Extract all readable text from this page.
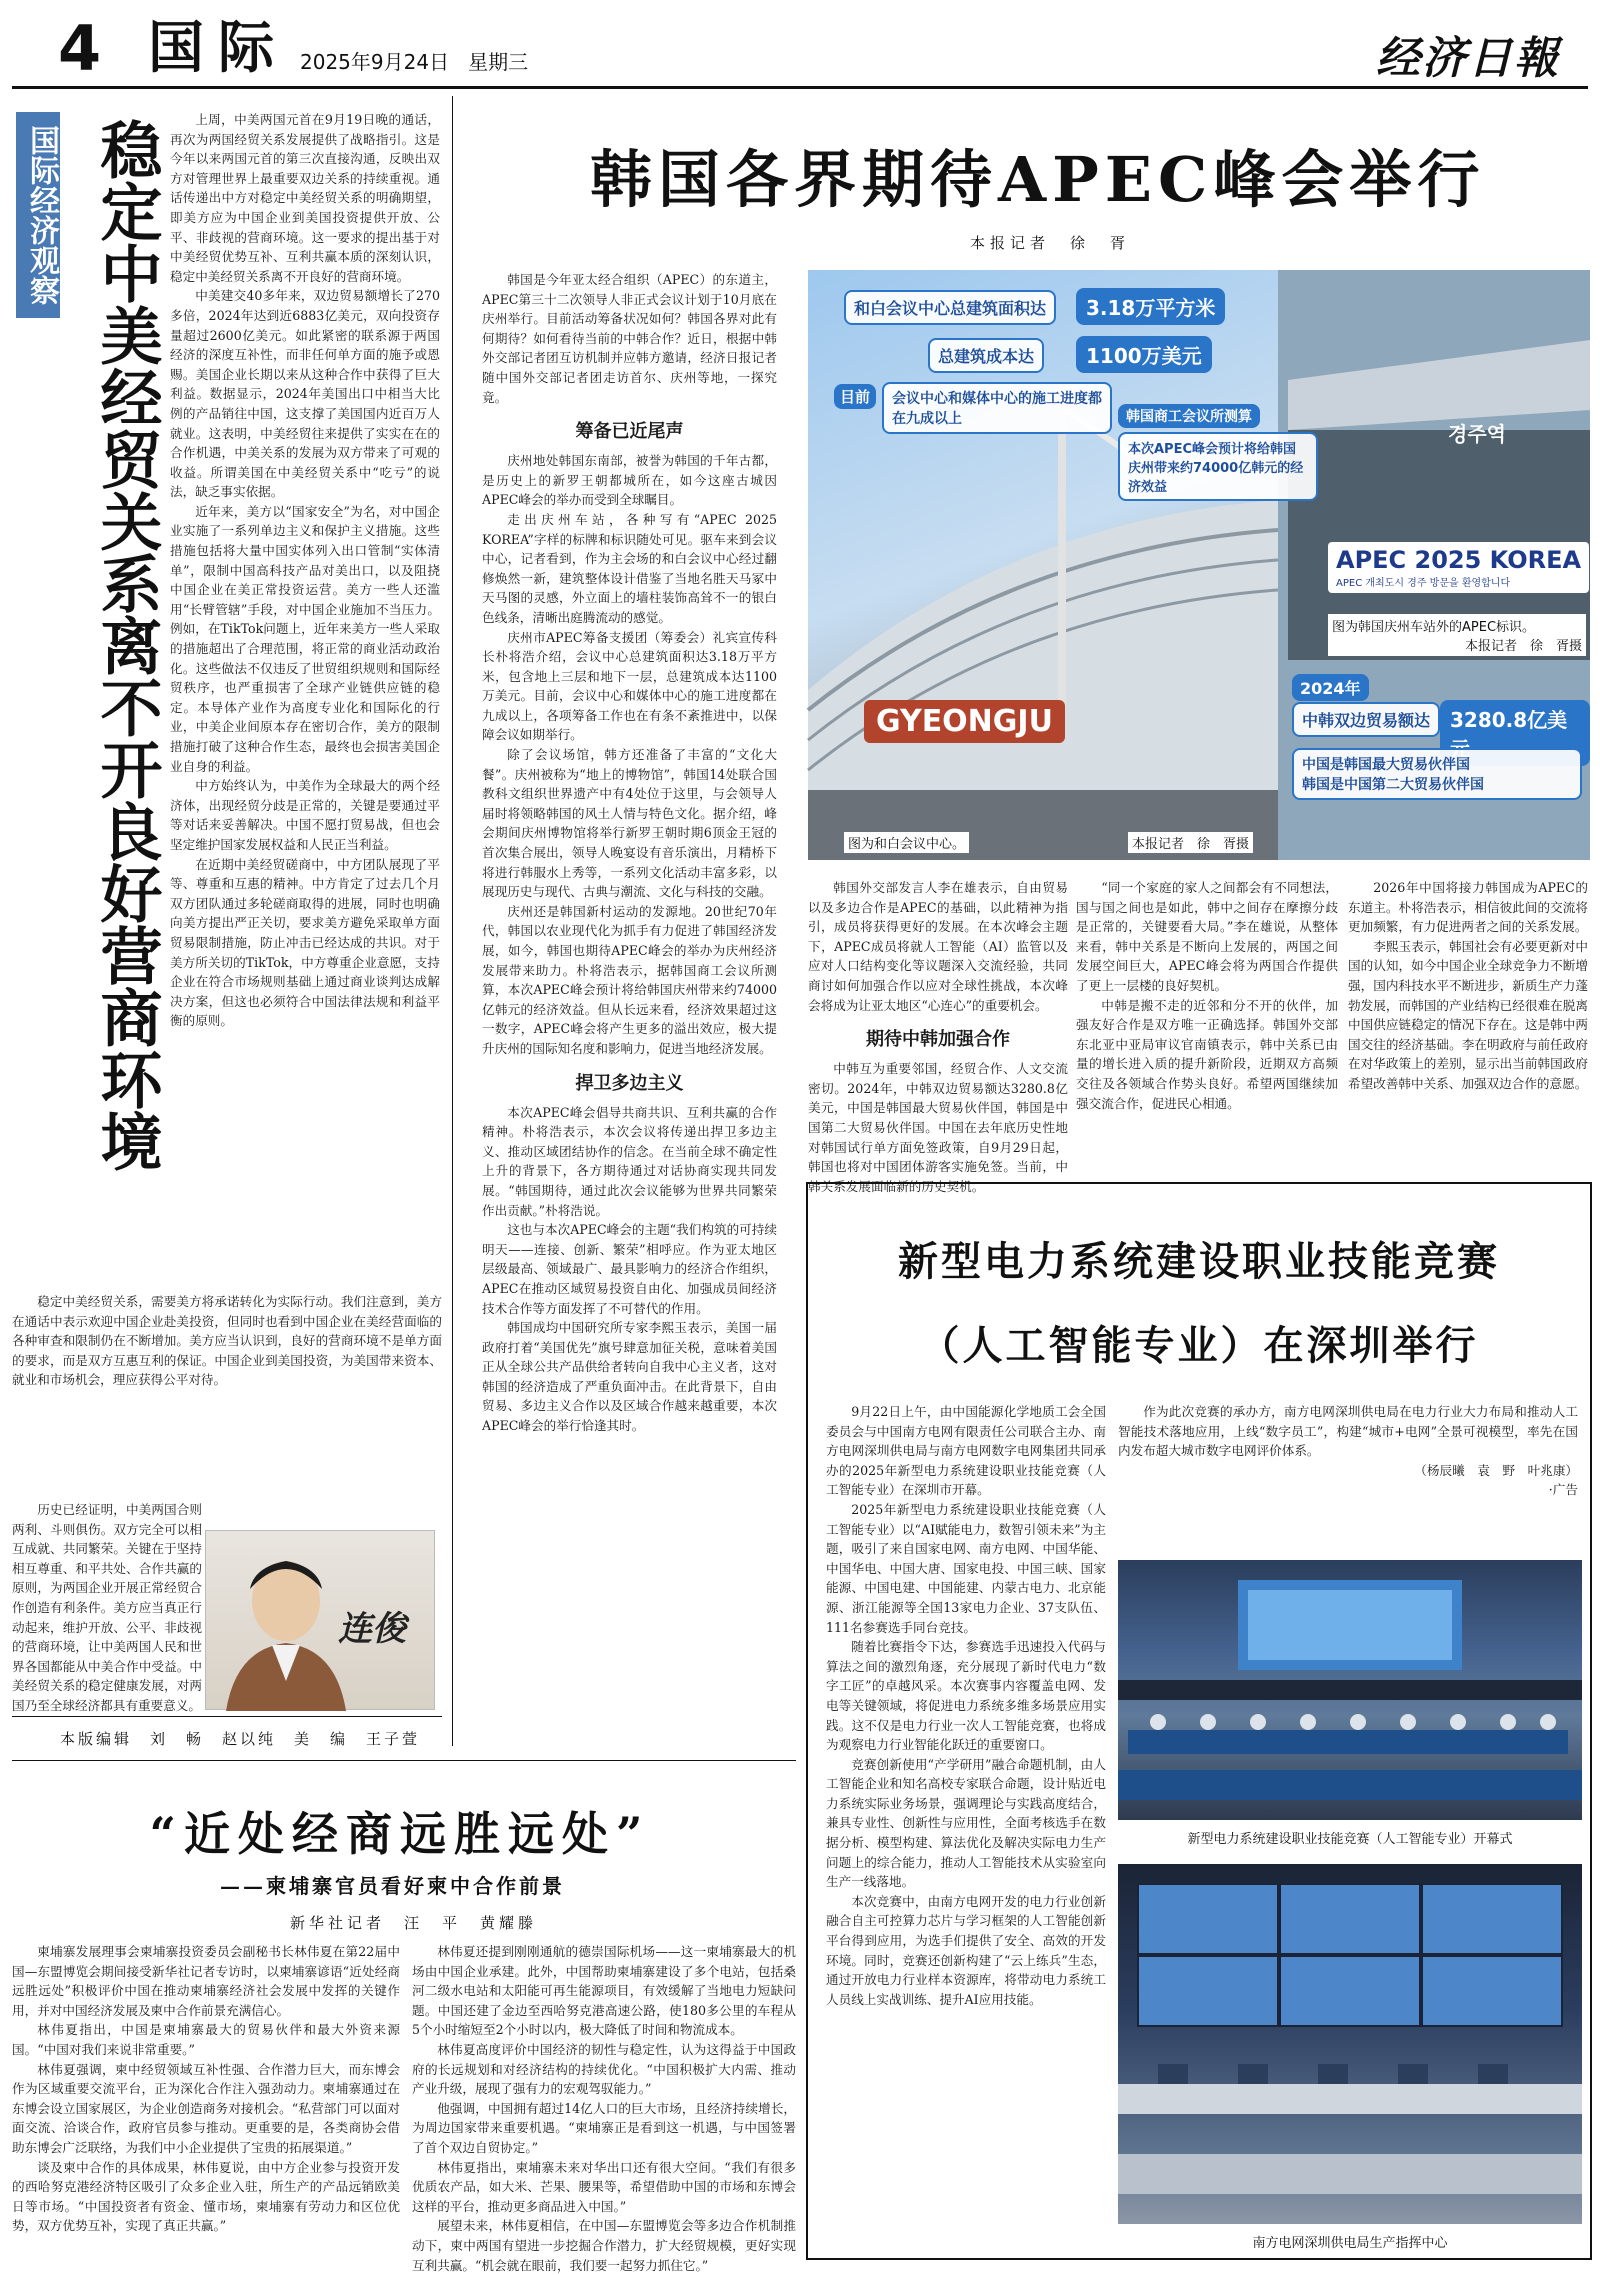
4 国际 2025年9月24日 星期三	经济日報
国际经济观察 稳定中美经贸关系离不开良好营商环境	上周，中美两国元首在9月19日晚的通话，再次为两国经贸关系发展提供了战略指引。这是今年以来两国元首的第三次直接沟通，反映出双方对管理世界上最重要双边关系的持续重视。通话传递出中方对稳定中美经贸关系的明确期望，即美方应为中国企业到美国投资提供开放、公平、非歧视的营商环境。这一要求的提出基于对中美经贸优势互补、互利共赢本质的深刻认识，稳定中美经贸关系离不开良好的营商环境。

中美建交40多年来，双边贸易额增长了270多倍，2024年达到近6883亿美元，双向投资存量超过2600亿美元。如此紧密的联系源于两国经济的深度互补性，而非任何单方面的施予或恩赐。美国企业长期以来从这种合作中获得了巨大利益。数据显示，2024年美国出口中相当大比例的产品销往中国，这支撑了美国国内近百万人就业。这表明，中美经贸往来提供了实实在在的合作机遇，中美关系的发展为双方带来了可观的收益。所谓美国在中美经贸关系中“吃亏”的说法，缺乏事实依据。

近年来，美方以“国家安全”为名，对中国企业实施了一系列单边主义和保护主义措施。这些措施包括将大量中国实体列入出口管制“实体清单”，限制中国高科技产品对美出口，以及阻挠中国企业在美正常投资运营。美方一些人还滥用“长臂管辖”手段，对中国企业施加不当压力。例如，在TikTok问题上，近年来美方一些人采取的措施超出了合理范围，将正常的商业活动政治化。这些做法不仅违反了世贸组织规则和国际经贸秩序，也严重损害了全球产业链供应链的稳定。本导体产业作为高度专业化和国际化的行业，中美企业间原本存在密切合作，美方的限制措施打破了这种合作生态，最终也会损害美国企业自身的利益。

中方始终认为，中美作为全球最大的两个经济体，出现经贸分歧是正常的，关键是要通过平等对话来妥善解决。中国不愿打贸易战，但也会坚定维护国家发展权益和人民正当利益。

在近期中美经贸磋商中，中方团队展现了平等、尊重和互惠的精神。中方肯定了过去几个月双方团队通过多轮磋商取得的进展，同时也明确向美方提出严正关切，要求美方避免采取单方面贸易限制措施，防止冲击已经达成的共识。对于美方所关切的TikTok，中方尊重企业意愿，支持企业在符合市场规则基础上通过商业谈判达成解决方案，但这也必须符合中国法律法规和利益平衡的原则。

稳定中美经贸关系，需要美方将承诺转化为实际行动。我们注意到，美方在通话中表示欢迎中国企业赴美投资，但同时也看到中国企业在美经营面临的各种审查和限制仍在不断增加。美方应当认识到，良好的营商环境不是单方面的要求，而是双方互惠互利的保证。中国企业到美国投资，为美国带来资本、就业和市场机会，理应获得公平对待。

历史已经证明，中美两国合则两利、斗则俱伤。双方完全可以相互成就、共同繁荣。关键在于坚持相互尊重、和平共处、合作共赢的原则，为两国企业开展正常经贸合作创造有利条件。美方应当真正行动起来，维护开放、公平、非歧视的营商环境，让中美两国人民和世界各国都能从中美合作中受益。中美经贸关系的稳定健康发展，对两国乃至全球经济都具有重要意义。

连俊
本版编辑　刘　畅　赵以纯　美　编　王子萱
韩国各界期待APEC峰会举行
本报记者　徐　胥

韩国是今年亚太经合组织（APEC）的东道主，APEC第三十二次领导人非正式会议计划于10月底在庆州举行。目前活动筹备状况如何？韩国各界对此有何期待？如何看待当前的中韩合作？近日，根据中韩外交部记者团互访机制并应韩方邀请，经济日报记者随中国外交部记者团走访首尔、庆州等地，一探究竟。

筹备已近尾声

庆州地处韩国东南部，被誉为韩国的千年古都，是历史上的新罗王朝都城所在，如今这座古城因APEC峰会的举办而受到全球瞩目。

走出庆州车站，各种写有“APEC 2025 KOREA”字样的标牌和标识随处可见。驱车来到会议中心，记者看到，作为主会场的和白会议中心经过翻修焕然一新，建筑整体设计借鉴了当地名胜天马冢中天马图的灵感，外立面上的墙柱装饰高耸不一的银白色线条，清晰出庭腾流动的感觉。

庆州市APEC筹备支援团（筹委会）礼宾宣传科长朴将浩介绍，会议中心总建筑面积达3.18万平方米，包含地上三层和地下一层，总建筑成本达1100万美元。目前，会议中心和媒体中心的施工进度都在九成以上，各项筹备工作也在有条不紊推进中，以保障会议如期举行。

除了会议场馆，韩方还准备了丰富的“文化大餐”。庆州被称为“地上的博物馆”，韩国14处联合国教科文组织世界遗产中有4处位于这里，与会领导人届时将领略韩国的风土人情与特色文化。据介绍，峰会期间庆州博物馆将举行新罗王朝时期6顶金王冠的首次集合展出，领导人晚宴设有音乐演出，月精桥下将进行韩服水上秀等，一系列文化活动丰富多彩，以展现历史与现代、古典与潮流、文化与科技的交融。

庆州还是韩国新村运动的发源地。20世纪70年代，韩国以农业现代化为抓手有力促进了韩国经济发展，如今，韩国也期待APEC峰会的举办为庆州经济发展带来助力。朴将浩表示，据韩国商工会议所测算，本次APEC峰会预计将给韩国庆州带来约74000亿韩元的经济效益。但从长远来看，经济效果超过这一数字，APEC峰会将产生更多的溢出效应，极大提升庆州的国际知名度和影响力，促进当地经济发展。

捍卫多边主义

本次APEC峰会倡导共商共识、互利共赢的合作精神。朴将浩表示，本次会议将传递出捍卫多边主义、推动区域团结协作的信念。在当前全球不确定性上升的背景下，各方期待通过对话协商实现共同发展。“韩国期待，通过此次会议能够为世界共同繁荣作出贡献。”朴将浩说。

这也与本次APEC峰会的主题“我们构筑的可持续明天——连接、创新、繁荣”相呼应。作为亚太地区层级最高、领域最广、最具影响力的经济合作组织，APEC在推动区域贸易投资自由化、加强成员间经济技术合作等方面发挥了不可替代的作用。

韩国成均中国研究所专家李熙玉表示，美国一届政府打着“美国优先”旗号肆意加征关税，意味着美国正从全球公共产品供给者转向自我中心主义者，这对韩国的经济造成了严重负面冲击。在此背景下，自由贸易、多边主义合作以及区域合作越来越重要，本次APEC峰会的举行恰逢其时。

和白会议中心总建筑面积达	3.18万平方米
总建筑成本达	1100万美元
目前	会议中心和媒体中心的施工进度都在九成以上	韩国商工会议所测算
本次APEC峰会预计将给韩国庆州带来约74000亿韩元的经济效益
경주역
APEC 2025 KOREA
APEC 개최도시 경주 방문을 환영합니다
图为韩国庆州车站外的APEC标识。
本报记者　徐　胥摄
GYEONGJU
2024年
中韩双边贸易额达 3280.8亿美
中国是韩国最大贸易伙伴国
韩国是中国第二大贸易伙伴国
图为和白会议中心。	本报记者　徐　胥摄

韩国外交部发言人李在雄表示，自由贸易以及多边合作是APEC的基础，以此精神为指引，成员将获得更好的发展。在本次峰会主题下，APEC成员将就人工智能（AI）监管以及应对人口结构变化等议题深入交流经验，共同商讨如何加强合作以应对全球性挑战，本次峰会将成为让亚太地区“心连心”的重要机会。

期待中韩加强合作

中韩互为重要邻国，经贸合作、人文交流密切。2024年，中韩双边贸易额达3280.8亿美元，中国是韩国最大贸易伙伴国，韩国是中国第二大贸易伙伴国。中国在去年底历史性地对韩国试行单方面免签政策，自9月29日起，韩国也将对中国团体游客实施免签。当前，中韩关系发展面临新的历史契机。

“同一个家庭的家人之间都会有不同想法，国与国之间也是如此，韩中之间存在摩擦分歧是正常的，关键要看大局。”李在雄说，从整体来看，韩中关系是不断向上发展的，两国之间发展空间巨大，APEC峰会将为两国合作提供了更上一层楼的良好契机。

中韩是搬不走的近邻和分不开的伙伴，加强友好合作是双方唯一正确选择。韩国外交部东北亚中亚局审议官南镇表示，韩中关系已由量的增长进入质的提升新阶段，近期双方高频交往及各领域合作势头良好。希望两国继续加强交流合作，促进民心相通。

2026年中国将接力韩国成为APEC的东道主。朴将浩表示，相信彼此间的交流将更加频繁，有力促进两者之间的关系发展。

李熙玉表示，韩国社会有必要更新对中国的认知，如今中国企业全球竞争力不断增强，国内科技水平不断进步，新质生产力蓬勃发展，而韩国的产业结构已经很难在脱离中国供应链稳定的情况下存在。这是韩中两国交往的经济基础。李在明政府与前任政府在对华政策上的差别，显示出当前韩国政府希望改善韩中关系、加强双边合作的意愿。

新型电力系统建设职业技能竞赛
（人工智能专业）在深圳举行

9月22日上午，由中国能源化学地质工会全国委员会与中国南方电网有限责任公司联合主办、南方电网深圳供电局与南方电网数字电网集团共同承办的2025年新型电力系统建设职业技能竞赛（人工智能专业）在深圳市开幕。

2025年新型电力系统建设职业技能竞赛（人工智能专业）以“AI赋能电力，数智引领未来”为主题，吸引了来自国家电网、南方电网、中国华能、中国华电、中国大唐、国家电投、中国三峡、国家能源、中国电建、中国能建、内蒙古电力、北京能源、浙江能源等全国13家电力企业、37支队伍、111名参赛选手同台竞技。

随着比赛指令下达，参赛选手迅速投入代码与算法之间的激烈角逐，充分展现了新时代电力“数字工匠”的卓越风采。本次赛事内容覆盖电网、发电等关键领域，将促进电力系统多维多场景应用实践。这不仅是电力行业一次人工智能竞赛，也将成为观察电力行业智能化跃迁的重要窗口。

竞赛创新使用“产学研用”融合命题机制，由人工智能企业和知名高校专家联合命题，设计贴近电力系统实际业务场景，强调理论与实践高度结合，兼具专业性、创新性与应用性，全面考核选手在数据分析、模型构建、算法优化及解决实际电力生产问题上的综合能力，推动人工智能技术从实验室向生产一线落地。

本次竞赛中，由南方电网开发的电力行业创新融合自主可控算力芯片与学习框架的人工智能创新平台得到应用，为选手们提供了安全、高效的开发环境。同时，竞赛还创新构建了“云上练兵”生态，通过开放电力行业样本资源库，将带动电力系统工人员线上实战训练、提升AI应用技能。

作为此次竞赛的承办方，南方电网深圳供电局在电力行业大力布局和推动人工智能技术落地应用，上线“数字员工”，构建“城市+电网”全景可视模型，率先在国内发布超大城市数字电网评价体系。

（杨辰曦　袁　野　叶兆康）
·广告
新型电力系统建设职业技能竞赛（人工智能专业）开幕式
南方电网深圳供电局生产指挥中心
“近处经商远胜远处”
——柬埔寨官员看好柬中合作前景
新华社记者　汪　平　黄耀滕

柬埔寨发展理事会柬埔寨投资委员会副秘书长林伟夏在第22届中国—东盟博览会期间接受新华社记者专访时，以柬埔寨谚语“近处经商远胜远处”积极评价中国在推动柬埔寨经济社会发展中发挥的关键作用，并对中国经济发展及柬中合作前景充满信心。

林伟夏指出，中国是柬埔寨最大的贸易伙伴和最大外资来源国。“中国对我们来说非常重要。”

林伟夏强调，柬中经贸领域互补性强、合作潜力巨大，而东博会作为区域重要交流平台，正为深化合作注入强劲动力。柬埔寨通过在东博会设立国家展区，为企业创造商务对接机会。“私营部门可以面对面交流、洽谈合作，政府官员参与推动。更重要的是，各类商协会借助东博会广泛联络，为我们中小企业提供了宝贵的拓展渠道。”

谈及柬中合作的具体成果，林伟夏说，由中方企业参与投资开发的西哈努克港经济特区吸引了众多企业入驻，所生产的产品远销欧美日等市场。“中国投资者有资金、懂市场，柬埔寨有劳动力和区位优势，双方优势互补，实现了真正共赢。”

林伟夏还提到刚刚通航的德崇国际机场——这一柬埔寨最大的机场由中国企业承建。此外，中国帮助柬埔寨建设了多个电站，包括桑河二级水电站和太阳能可再生能源项目，有效缓解了当地电力短缺问题。中国还建了金边至西哈努克港高速公路，使180多公里的车程从5个小时缩短至2个小时以内，极大降低了时间和物流成本。

林伟夏高度评价中国经济的韧性与稳定性，认为这得益于中国政府的长远规划和对经济结构的持续优化。“中国积极扩大内需、推动产业升级，展现了强有力的宏观驾驭能力。”

他强调，中国拥有超过14亿人口的巨大市场，且经济持续增长，为周边国家带来重要机遇。“柬埔寨正是看到这一机遇，与中国签署了首个双边自贸协定。”

林伟夏指出，柬埔寨未来对华出口还有很大空间。“我们有很多优质农产品，如大米、芒果、腰果等，希望借助中国的市场和东博会这样的平台，推动更多商品进入中国。”

展望未来，林伟夏相信，在中国—东盟博览会等多边合作机制推动下，柬中两国有望进一步挖掘合作潜力，扩大经贸规模，更好实现互利共赢。“机会就在眼前，我们要一起努力抓住它。”
